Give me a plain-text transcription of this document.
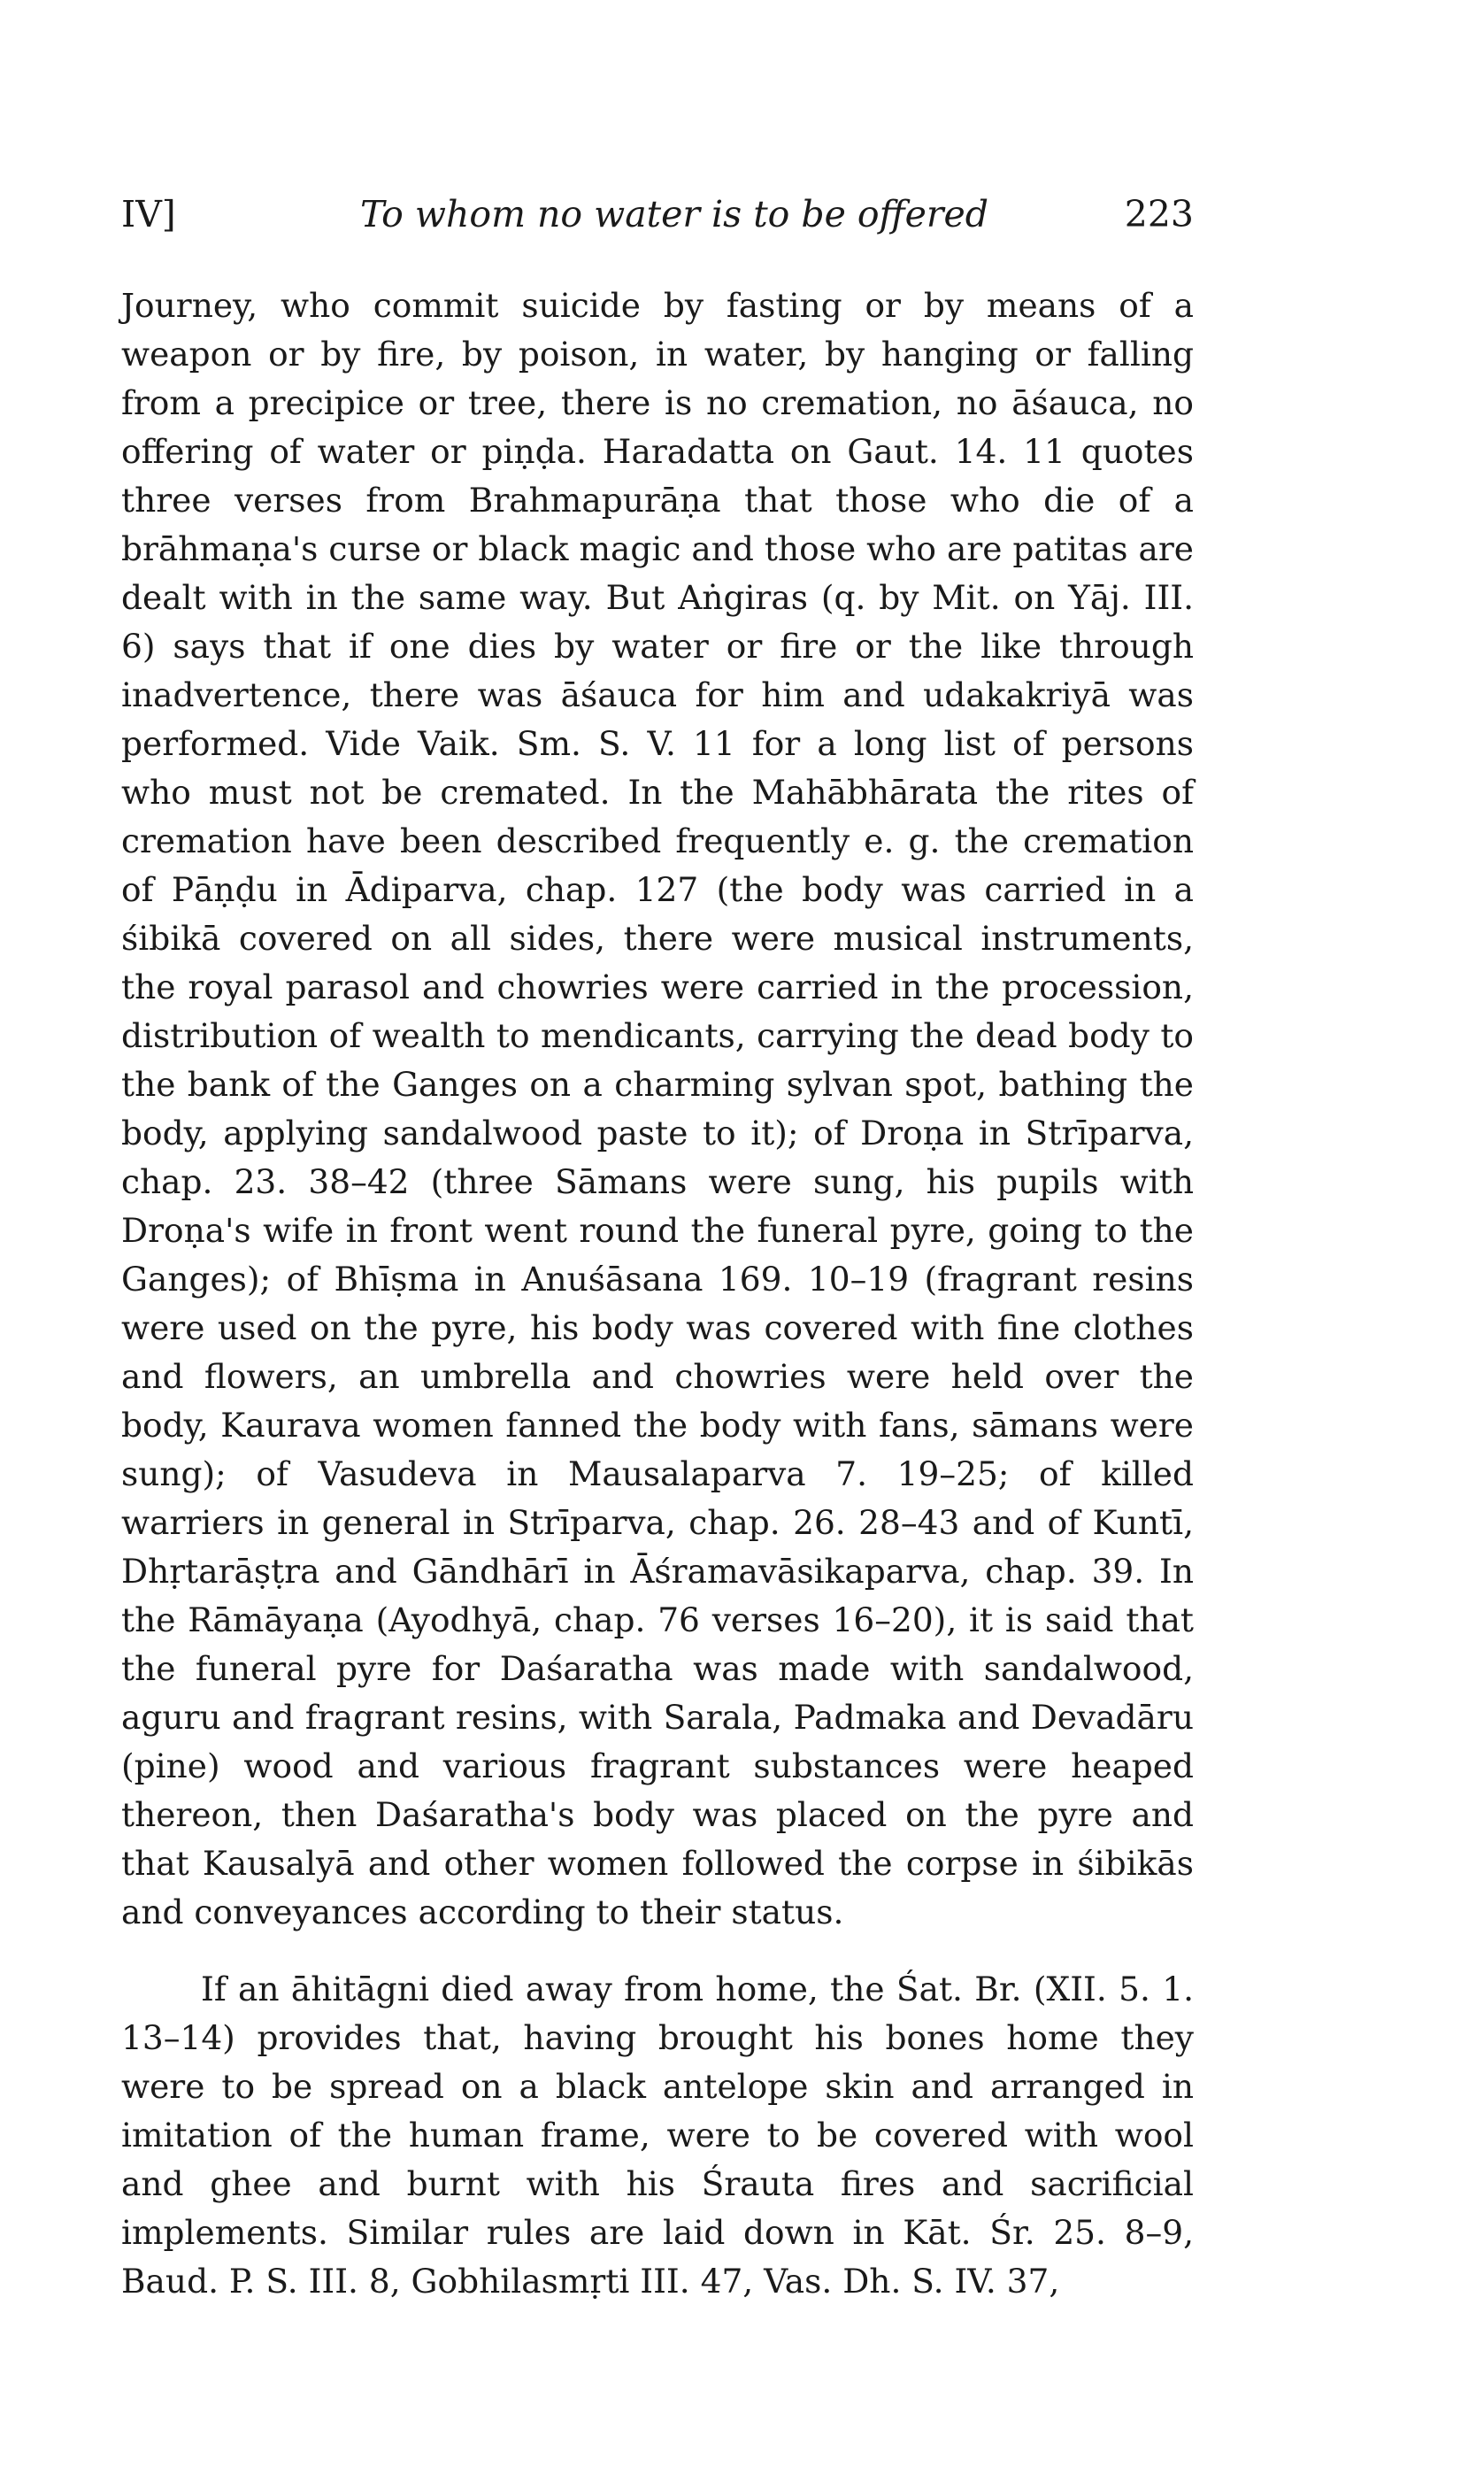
IV]	To whom no water is to be offered	223

Journey, who commit suicide by fasting or by means of a weapon or by fire, by poison, in water, by hanging or falling from a precipice or tree, there is no cremation, no āśauca, no offering of water or piṇḍa. Haradatta on Gaut. 14. 11 quotes three verses from Brahmapurāṇa that those who die of a brāhmaṇa's curse or black magic and those who are patitas are dealt with in the same way. But Aṅgiras (q. by Mit. on Yāj. III. 6) says that if one dies by water or fire or the like through inadvertence, there was āśauca for him and udakakriyā was performed. Vide Vaik. Sm. S. V. 11 for a long list of persons who must not be cremated. In the Mahābhārata the rites of cremation have been described frequently e. g. the cremation of Pāṇḍu in Ādiparva, chap. 127 (the body was carried in a śibikā covered on all sides, there were musical instruments, the royal parasol and chowries were carried in the procession, distribution of wealth to mendicants, carrying the dead body to the bank of the Ganges on a charming sylvan spot, bathing the body, applying sandalwood paste to it); of Droṇa in Strīparva, chap. 23. 38–42 (three Sāmans were sung, his pupils with Droṇa's wife in front went round the funeral pyre, going to the Ganges); of Bhīṣma in Anuśāsana 169. 10–19 (fragrant resins were used on the pyre, his body was covered with fine clothes and flowers, an umbrella and chowries were held over the body, Kaurava women fanned the body with fans, sāmans were sung); of Vasudeva in Mausalaparva 7. 19–25; of killed warriers in general in Strīparva, chap. 26. 28–43 and of Kuntī, Dhṛtarāṣṭra and Gāndhārī in Āśramavāsikaparva, chap. 39. In the Rāmāyaṇa (Ayodhyā, chap. 76 verses 16–20), it is said that the funeral pyre for Daśaratha was made with sandalwood, aguru and fragrant resins, with Sarala, Padmaka and Devadāru (pine) wood and various fragrant substances were heaped thereon, then Daśaratha's body was placed on the pyre and that Kausalyā and other women followed the corpse in śibikās and conveyances according to their status.

If an āhitāgni died away from home, the Śat. Br. (XII. 5. 1. 13–14) provides that, having brought his bones home they were to be spread on a black antelope skin and arranged in imitation of the human frame, were to be covered with wool and ghee and burnt with his Śrauta fires and sacrificial implements. Similar rules are laid down in Kāt. Śr. 25. 8–9, Baud. P. S. III. 8, Gobhilasmṛti III. 47, Vas. Dh. S. IV. 37,
